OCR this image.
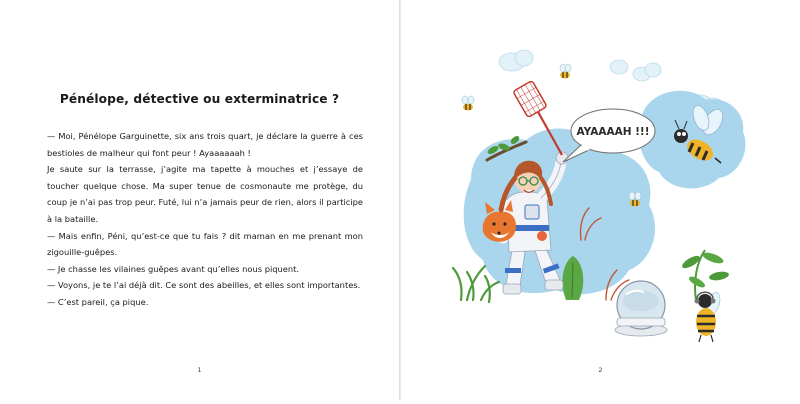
Pénélope, détective ou exterminatrice ?

— Moi, Pénélope Garguinette, six ans trois quart, je déclare la guerre à ces bestioles de malheur qui font peur ! Ayaaaaaah !

Je saute sur la terrasse, j’agite ma tapette à mouches et j’essaye de toucher quelque chose. Ma super tenue de cosmonaute me protège, du coup je n’ai pas trop peur. Futé, lui n’a jamais peur de rien, alors il participe à la bataille.

— Mais enfin, Péni, qu’est-ce que tu fais ? dit maman en me prenant mon zigouille-guêpes.

— Je chasse les vilaines guêpes avant qu’elles nous piquent.

— Voyons, je te l’ai déjà dit. Ce sont des abeilles, et elles sont importantes.

— C’est pareil, ça pique.

1
AYAAAAH !!!
2
